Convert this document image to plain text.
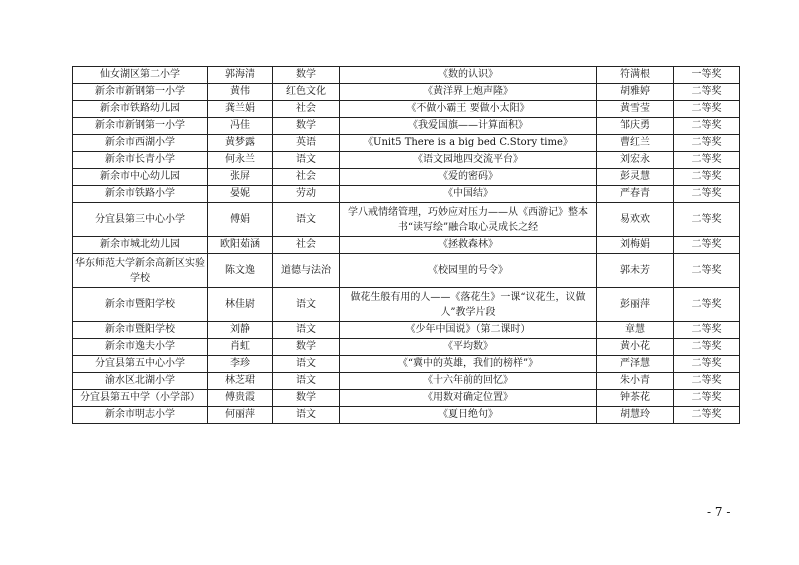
仙女湖区第二小学	郭海清	数学	《数的认识》	符满根	一等奖
新余市新钢第一小学	黄伟	红色文化	《黄洋界上炮声隆》	胡雅婷	二等奖
新余市铁路幼儿园	龚兰娟	社会	《不做小霸王 要做小太阳》	黄雪莹	二等奖
新余市新钢第一小学	冯佳	数学	《我爱国旗——计算面积》	邹庆勇	二等奖
新余市西湖小学	黄梦露	英语	《Unit5 There is a big bed C.Story time》	曹红兰	二等奖
新余市长青小学	何永兰	语文	《语文园地四交流平台》	刘宏永	二等奖
新余市中心幼儿园	张屏	社会	《爱的密码》	彭灵慧	二等奖
新余市铁路小学	晏妮	劳动	《中国结》	严春青	二等奖
分宜县第三中心小学	傅娟	语文	学八戒情绪管理，巧妙应对压力——从《西游记》整本书“读写绘”融合取心灵成长之经	易欢欢	二等奖
新余市城北幼儿园	欧阳茹涵	社会	《拯救森林》	刘梅娟	二等奖
华东师范大学新余高新区实验学校	陈文逸	道德与法治	《校园里的号令》	郭未芳	二等奖
新余市暨阳学校	林佳尉	语文	做花生般有用的人——《落花生》一课“议花生，议做人”教学片段	彭丽萍	二等奖
新余市暨阳学校	刘静	语文	《少年中国说》（第二课时）	章慧	二等奖
新余市逸夫小学	肖虹	数学	《平均数》	黄小花	二等奖
分宜县第五中心小学	李珍	语文	《“冀中的英雄，我们的榜样”》	严泽慧	二等奖
渝水区北湖小学	林芝珺	语文	《十六年前的回忆》	朱小青	二等奖
分宜县第五中学（小学部）	傅贵霞	数学	《用数对确定位置》	钟茶花	二等奖
新余市明志小学	何丽萍	语文	《夏日绝句》	胡慧玲	二等奖
- 7 -
